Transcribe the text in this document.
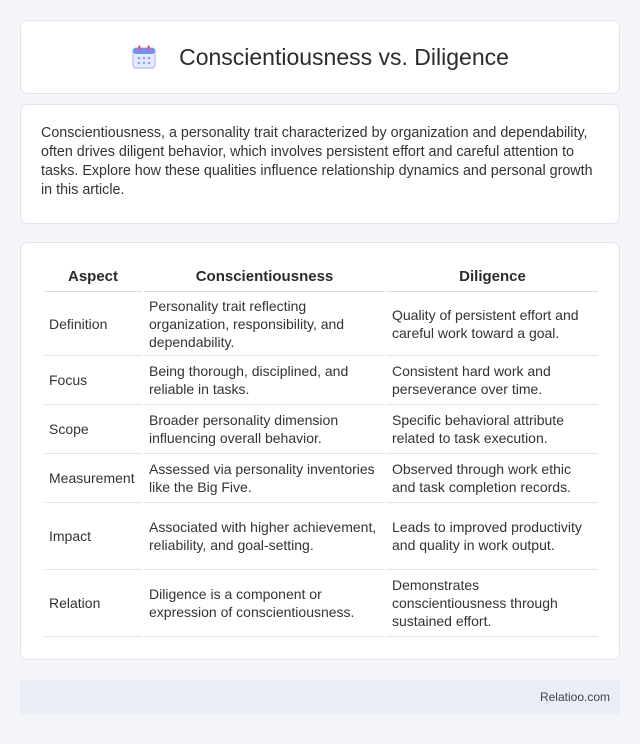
Conscientiousness vs. Diligence

Conscientiousness, a personality trait characterized by organization and dependability, often drives diligent behavior, which involves persistent effort and careful attention to tasks. Explore how these qualities influence relationship dynamics and personal growth in this article.

Aspect	Conscientiousness	Diligence
Definition	Personality trait reflecting organization, responsibility, and dependability.	Quality of persistent effort and careful work toward a goal.
Focus	Being thorough, disciplined, and reliable in tasks.	Consistent hard work and perseverance over time.
Scope	Broader personality dimension influencing overall behavior.	Specific behavioral attribute related to task execution.
Measurement	Assessed via personality inventories like the Big Five.	Observed through work ethic and task completion records.
Impact	Associated with higher achievement, reliability, and goal-setting.	Leads to improved productivity and quality in work output.
Relation	Diligence is a component or expression of conscientiousness.	Demonstrates conscientiousness through sustained effort.
Relatioo.com
